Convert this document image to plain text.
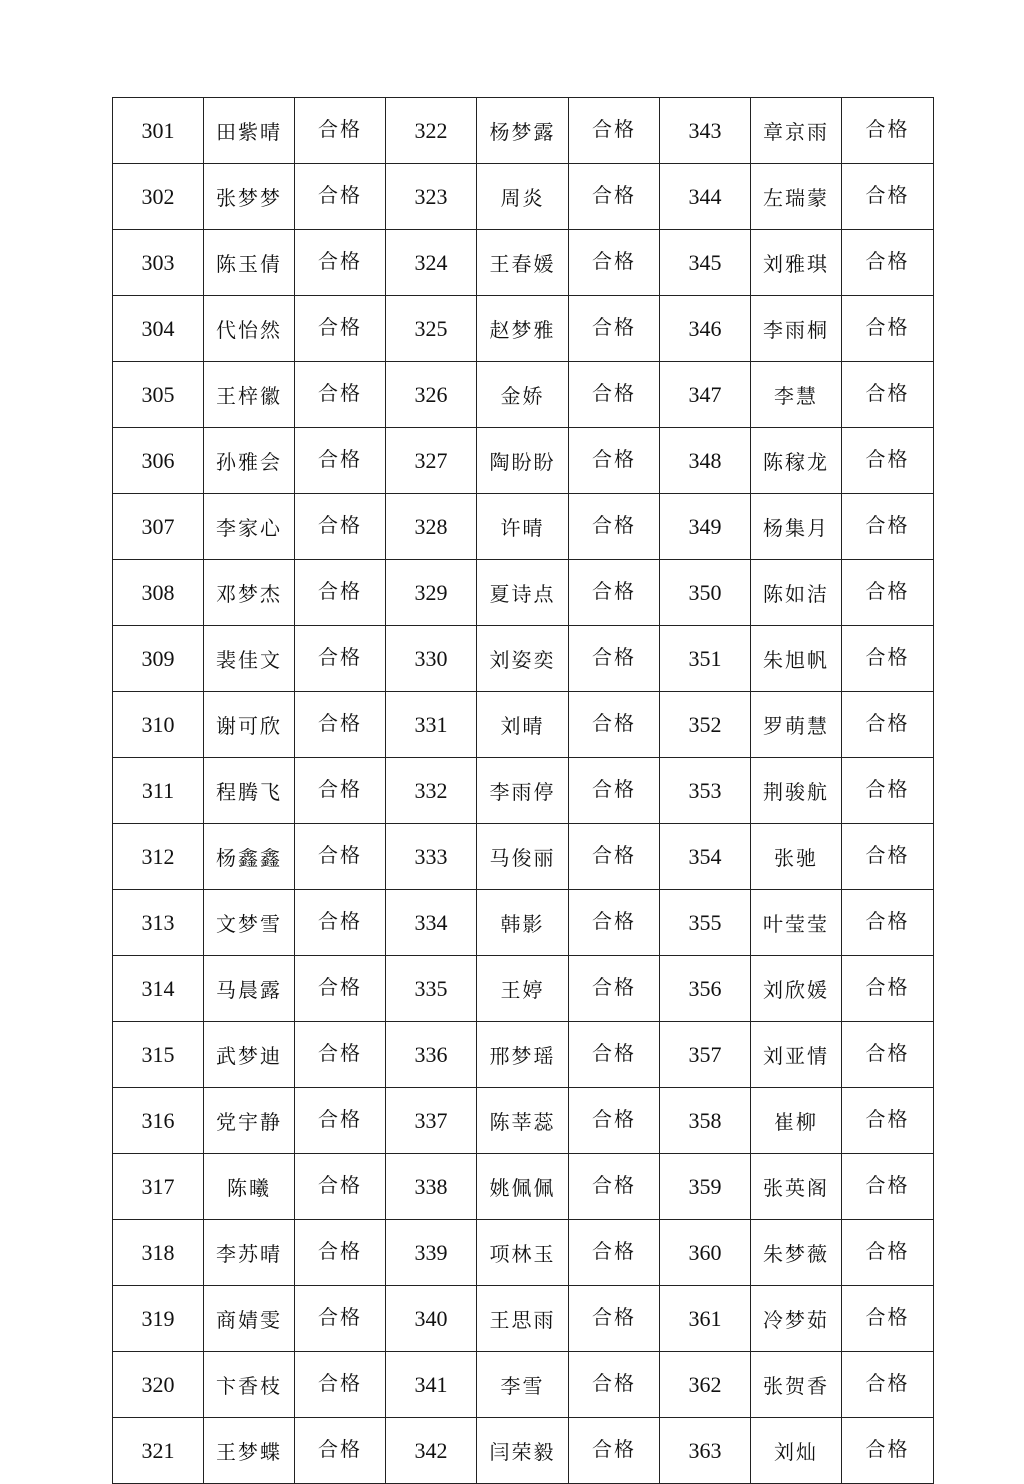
301	田紫晴	合格	322	杨梦露	合格	343	章京雨	合格
302	张梦梦	合格	323	周炎	合格	344	左瑞蒙	合格
303	陈玉倩	合格	324	王春媛	合格	345	刘雅琪	合格
304	代怡然	合格	325	赵梦雅	合格	346	李雨桐	合格
305	王梓徽	合格	326	金娇	合格	347	李慧	合格
306	孙雅会	合格	327	陶盼盼	合格	348	陈稼龙	合格
307	李家心	合格	328	许晴	合格	349	杨集月	合格
308	邓梦杰	合格	329	夏诗点	合格	350	陈如洁	合格
309	裴佳文	合格	330	刘姿奕	合格	351	朱旭帆	合格
310	谢可欣	合格	331	刘晴	合格	352	罗萌慧	合格
311	程腾飞	合格	332	李雨停	合格	353	荆骏航	合格
312	杨鑫鑫	合格	333	马俊丽	合格	354	张驰	合格
313	文梦雪	合格	334	韩影	合格	355	叶莹莹	合格
314	马晨露	合格	335	王婷	合格	356	刘欣媛	合格
315	武梦迪	合格	336	邢梦瑶	合格	357	刘亚情	合格
316	党宇静	合格	337	陈莘蕊	合格	358	崔柳	合格
317	陈曦	合格	338	姚佩佩	合格	359	张英阁	合格
318	李苏晴	合格	339	项林玉	合格	360	朱梦薇	合格
319	商婧雯	合格	340	王思雨	合格	361	冷梦茹	合格
320	卞香枝	合格	341	李雪	合格	362	张贺香	合格
321	王梦蝶	合格	342	闫荣毅	合格	363	刘灿	合格
